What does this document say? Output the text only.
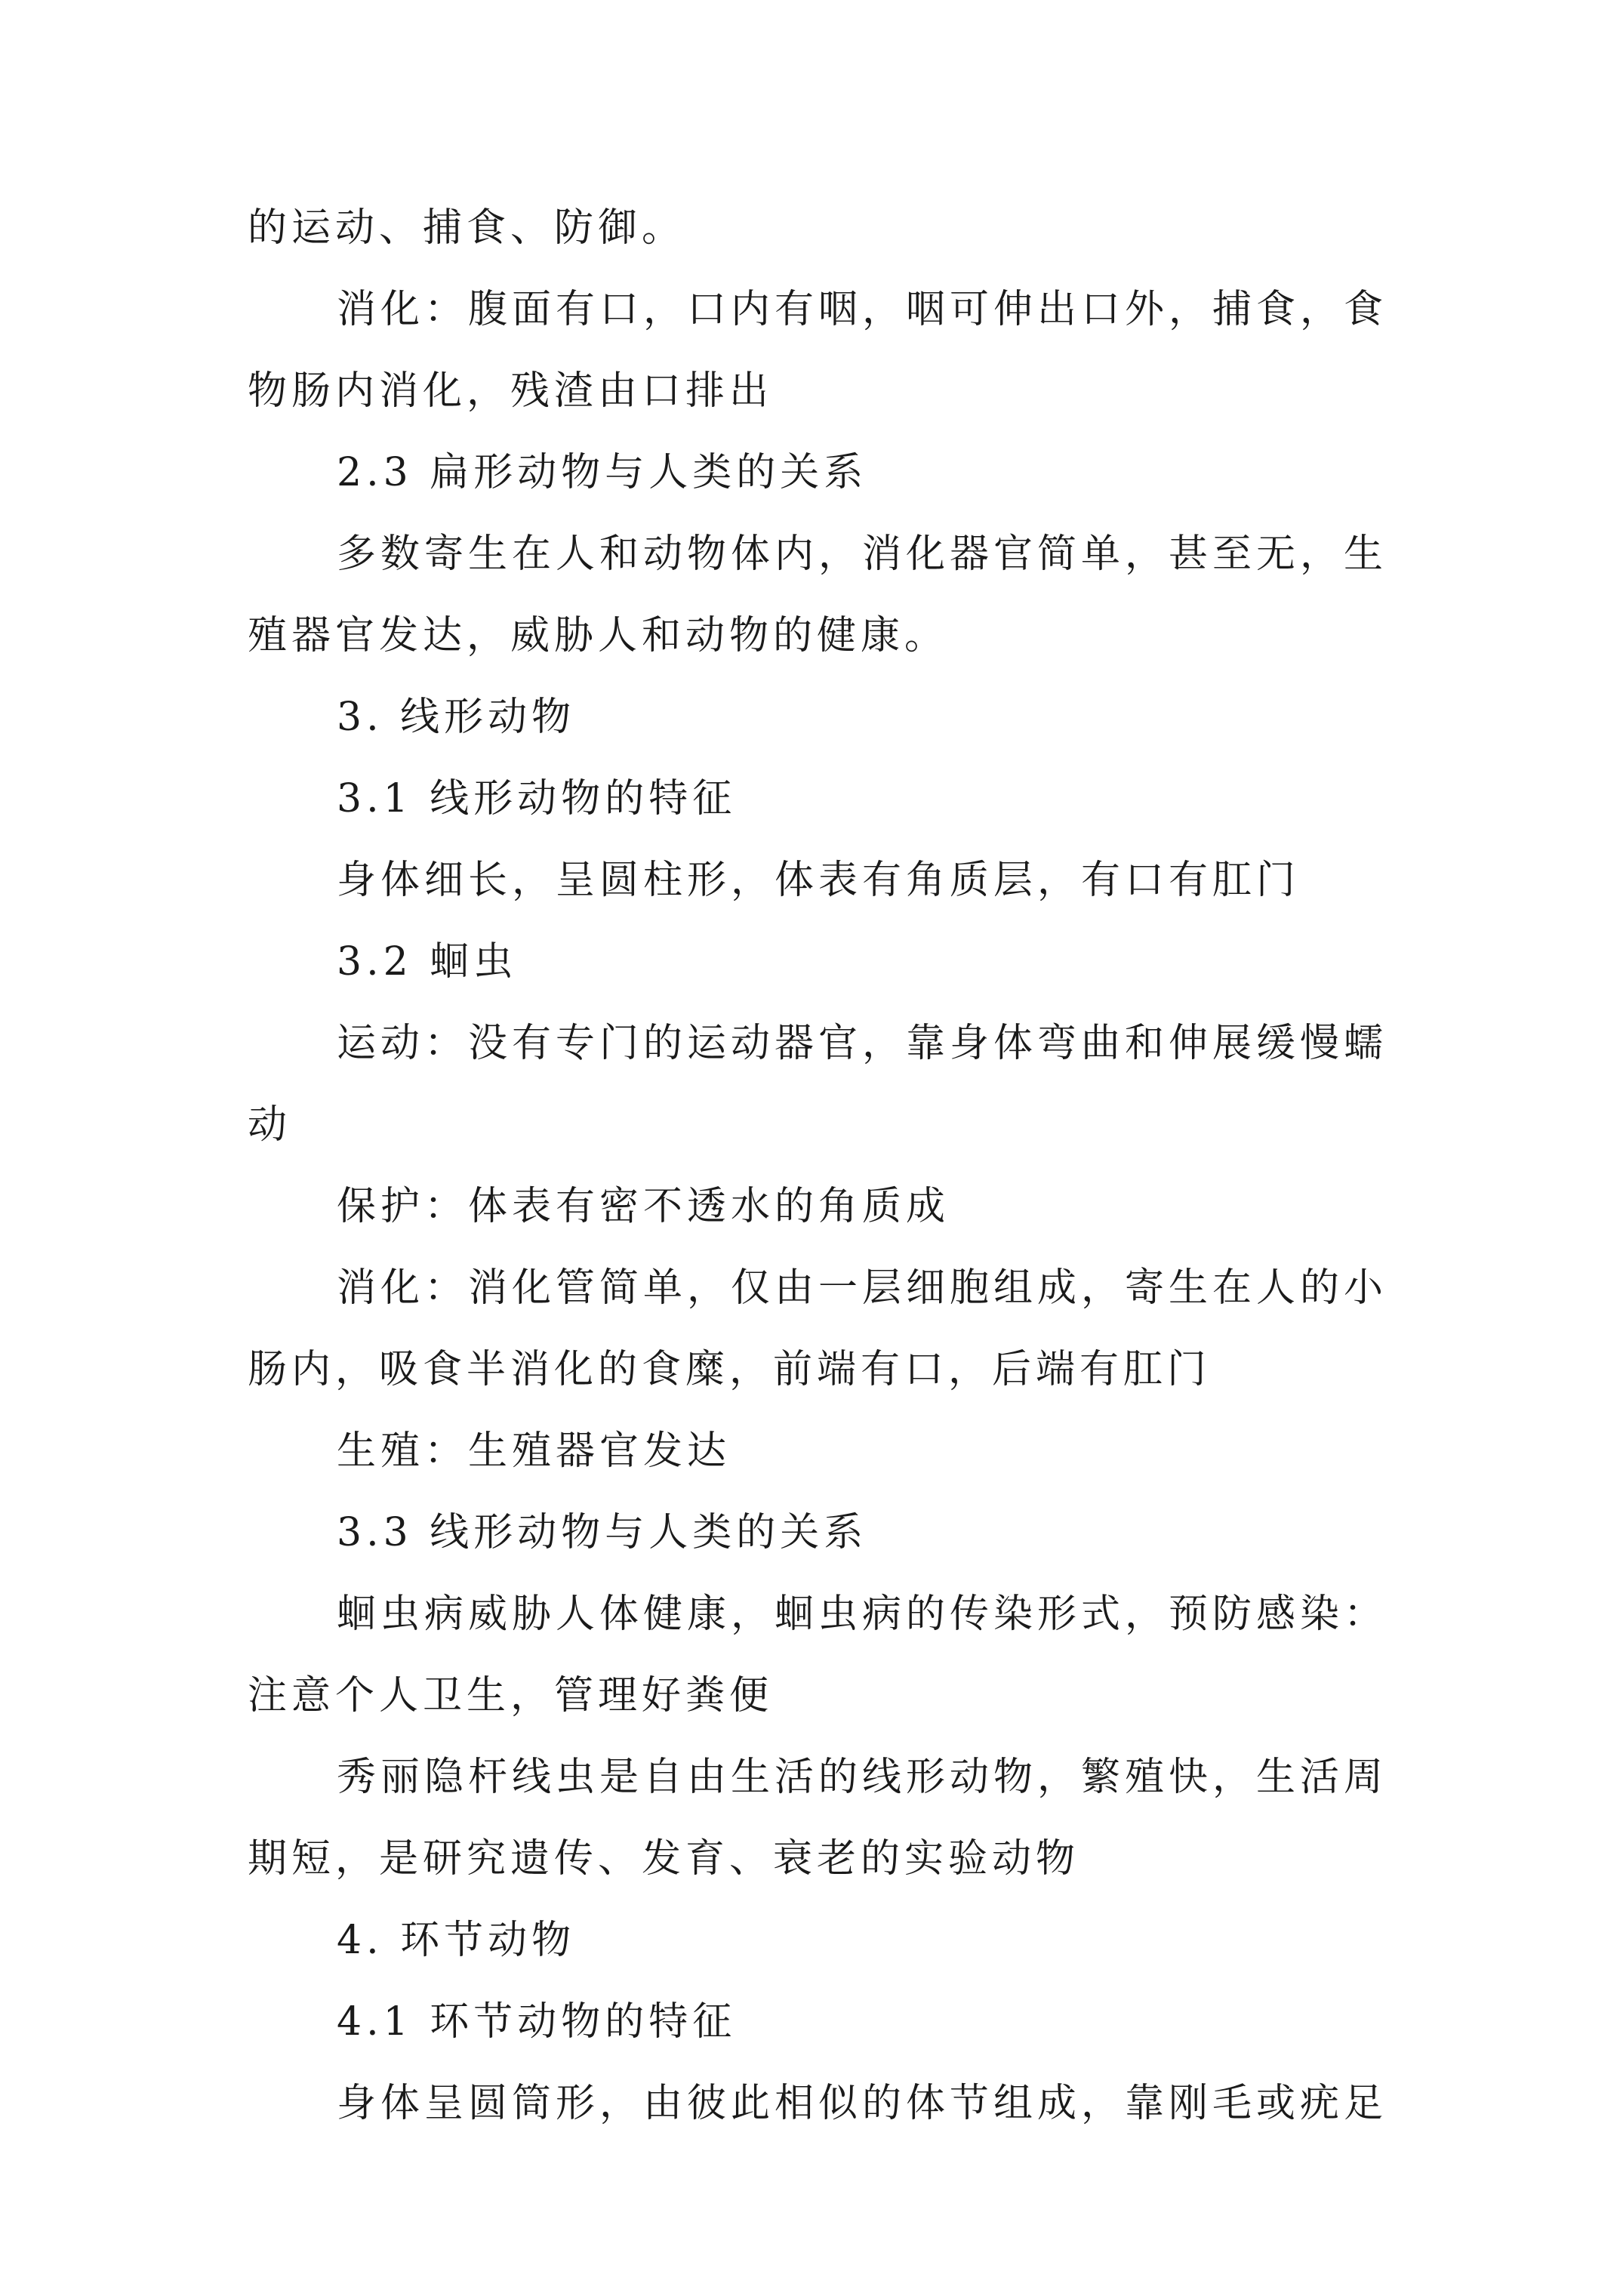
的运动、捕食、防御。
消化：腹面有口，口内有咽，咽可伸出口外，捕食，食
物肠内消化，残渣由口排出
2.3 扁形动物与人类的关系
多数寄生在人和动物体内，消化器官简单，甚至无，生
殖器官发达，威胁人和动物的健康。
3. 线形动物
3.1 线形动物的特征
身体细长，呈圆柱形，体表有角质层，有口有肛门
3.2 蛔虫
运动：没有专门的运动器官，靠身体弯曲和伸展缓慢蠕
动
保护：体表有密不透水的角质成
消化：消化管简单，仅由一层细胞组成，寄生在人的小
肠内，吸食半消化的食糜，前端有口，后端有肛门
生殖：生殖器官发达
3.3 线形动物与人类的关系
蛔虫病威胁人体健康，蛔虫病的传染形式，预防感染：
注意个人卫生，管理好粪便
秀丽隐杆线虫是自由生活的线形动物，繁殖快，生活周
期短，是研究遗传、发育、衰老的实验动物
4. 环节动物
4.1 环节动物的特征
身体呈圆筒形，由彼此相似的体节组成，靠刚毛或疣足
